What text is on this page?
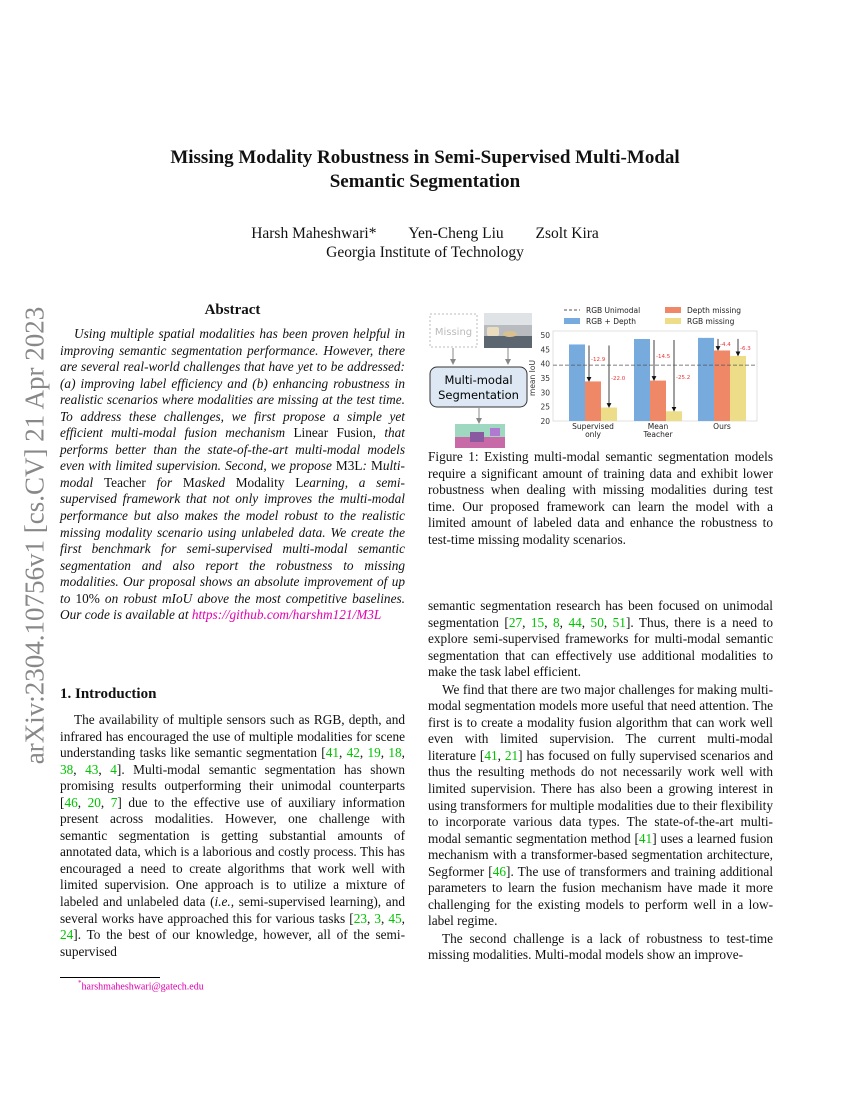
arXiv:2304.10756v1 [cs.CV] 21 Apr 2023
Missing Modality Robustness in Semi-Supervised Multi-Modal
Semantic Segmentation
Harsh Maheshwari* Yen-Cheng Liu Zsolt Kira
Georgia Institute of Technology
Abstract

Using multiple spatial modalities has been proven helpful in improving semantic segmentation performance. However, there are several real-world challenges that have yet to be addressed: (a) improving label efficiency and (b) enhancing robustness in realistic scenarios where modalities are missing at the test time. To address these challenges, we first propose a simple yet efficient multi-modal fusion mechanism Linear Fusion, that performs better than the state-of-the-art multi-modal models even with limited supervision. Second, we propose M3L: Multi-modal Teacher for Masked Modality Learning, a semi-supervised framework that not only improves the multi-modal performance but also makes the model robust to the realistic missing modality scenario using unlabeled data. We create the first benchmark for semi-supervised multi-modal semantic segmentation and also report the robustness to missing modalities. Our proposal shows an absolute improvement of up to 10% on robust mIoU above the most competitive baselines. Our code is available at https://github.com/harshm121/M3L

1. Introduction

The availability of multiple sensors such as RGB, depth, and infrared has encouraged the use of multiple modalities for scene understanding tasks like semantic segmentation [41, 42, 19, 18, 38, 43, 4]. Multi-modal semantic segmentation has shown promising results outperforming their unimodal counterparts [46, 20, 7] due to the effective use of auxiliary information present across modalities. However, one challenge with semantic segmentation is getting substantial amounts of annotated data, which is a laborious and costly process. This has encouraged a need to create algorithms that work well with limited supervision. One approach is to utilize a mixture of labeled and unlabeled data (i.e., semi-supervised learning), and several works have approached this for various tasks [23, 3, 45, 24]. To the best of our knowledge, however, all of the semi-supervised

*harshmaheshwari@gatech.edu
Missing
Multi-modal
Segmentation
20
25
30
35
40
45
50
mean IoU
Supervised
only
-12.9
-22.0
Mean
Teacher
-14.5
-25.2
Ours
-4.4
-6.3
RGB Unimodal
RGB + Depth
Depth missing
RGB missing

Figure 1: Existing multi-modal semantic segmentation models require a significant amount of training data and exhibit lower robustness when dealing with missing modalities during test time. Our proposed framework can learn the model with a limited amount of labeled data and enhance the robustness to test-time missing modality scenarios.

semantic segmentation research has been focused on unimodal segmentation [27, 15, 8, 44, 50, 51]. Thus, there is a need to explore semi-supervised frameworks for multi-modal semantic segmentation that can effectively use additional modalities to make the task label efficient.

We find that there are two major challenges for making multi-modal segmentation models more useful that need attention. The first is to create a modality fusion algorithm that can work well even with limited supervision. The current multi-modal literature [41, 21] has focused on fully supervised scenarios and thus the resulting methods do not necessarily work well with limited supervision. There has also been a growing interest in using transformers for multiple modalities due to their flexibility to incorporate various data types. The state-of-the-art multi-modal semantic segmentation method [41] uses a learned fusion mechanism with a transformer-based segmentation architecture, Segformer [46]. The use of transformers and training additional parameters to learn the fusion mechanism have made it more challenging for the existing models to perform well in a low-label regime.

The second challenge is a lack of robustness to test-time missing modalities. Multi-modal models show an improve-
